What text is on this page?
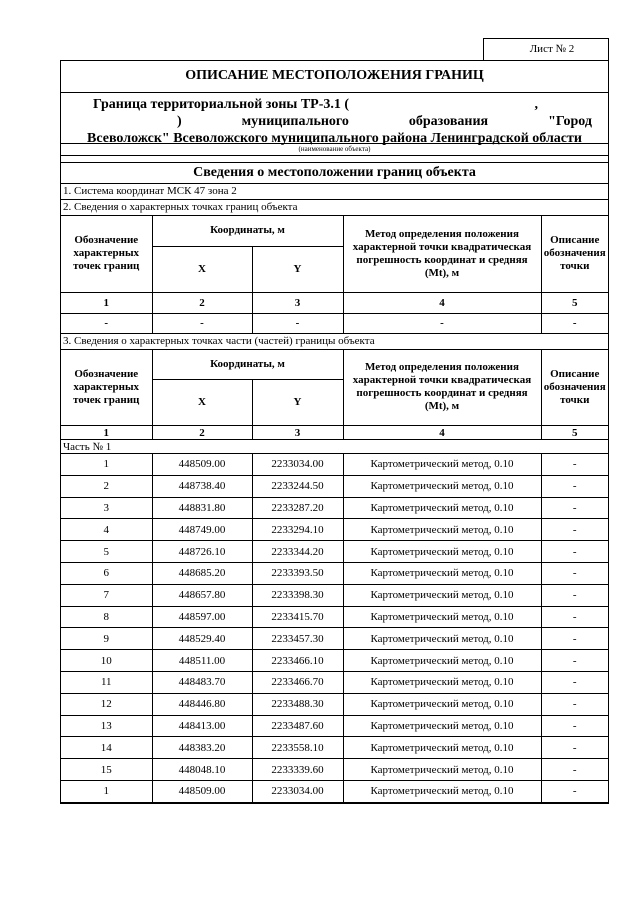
Лист № 2
ОПИСАНИЕ МЕСТОПОЛОЖЕНИЯ ГРАНИЦ
Граница территориальной зоны ТР-3.1 (	,
)	муниципального	образования	"Город
Всеволожск" Всеволожского муниципального района Ленинградской области
(наименование объекта)
Сведения о местоположении границ объекта
1. Система координат МСК 47 зона 2
2. Сведения о характерных точках границ объекта
Обозначение характерных точек границ	Координаты, м		Метод определения положения характерной точки квадратическая погрешность координат и средняя (Mt), м	Описание обозначения точки
	X	Y		
1	2	3	4	5
-	-	-	-	-
3. Сведения о характерных точках части (частей) границы объекта
Обозначение характерных точек границ	Координаты, м		Метод определения положения характерной точки квадратическая погрешность координат и средняя (Mt), м	Описание обозначения точки
	X	Y		
1	2	3	4	5
Часть № 1				
1	448509.00	2233034.00	Картометрический метод, 0.10	-
2	448738.40	2233244.50	Картометрический метод, 0.10	-
3	448831.80	2233287.20	Картометрический метод, 0.10	-
4	448749.00	2233294.10	Картометрический метод, 0.10	-
5	448726.10	2233344.20	Картометрический метод, 0.10	-
6	448685.20	2233393.50	Картометрический метод, 0.10	-
7	448657.80	2233398.30	Картометрический метод, 0.10	-
8	448597.00	2233415.70	Картометрический метод, 0.10	-
9	448529.40	2233457.30	Картометрический метод, 0.10	-
10	448511.00	2233466.10	Картометрический метод, 0.10	-
11	448483.70	2233466.70	Картометрический метод, 0.10	-
12	448446.80	2233488.30	Картометрический метод, 0.10	-
13	448413.00	2233487.60	Картометрический метод, 0.10	-
14	448383.20	2233558.10	Картометрический метод, 0.10	-
15	448048.10	2233339.60	Картометрический метод, 0.10	-
1	448509.00	2233034.00	Картометрический метод, 0.10	-
